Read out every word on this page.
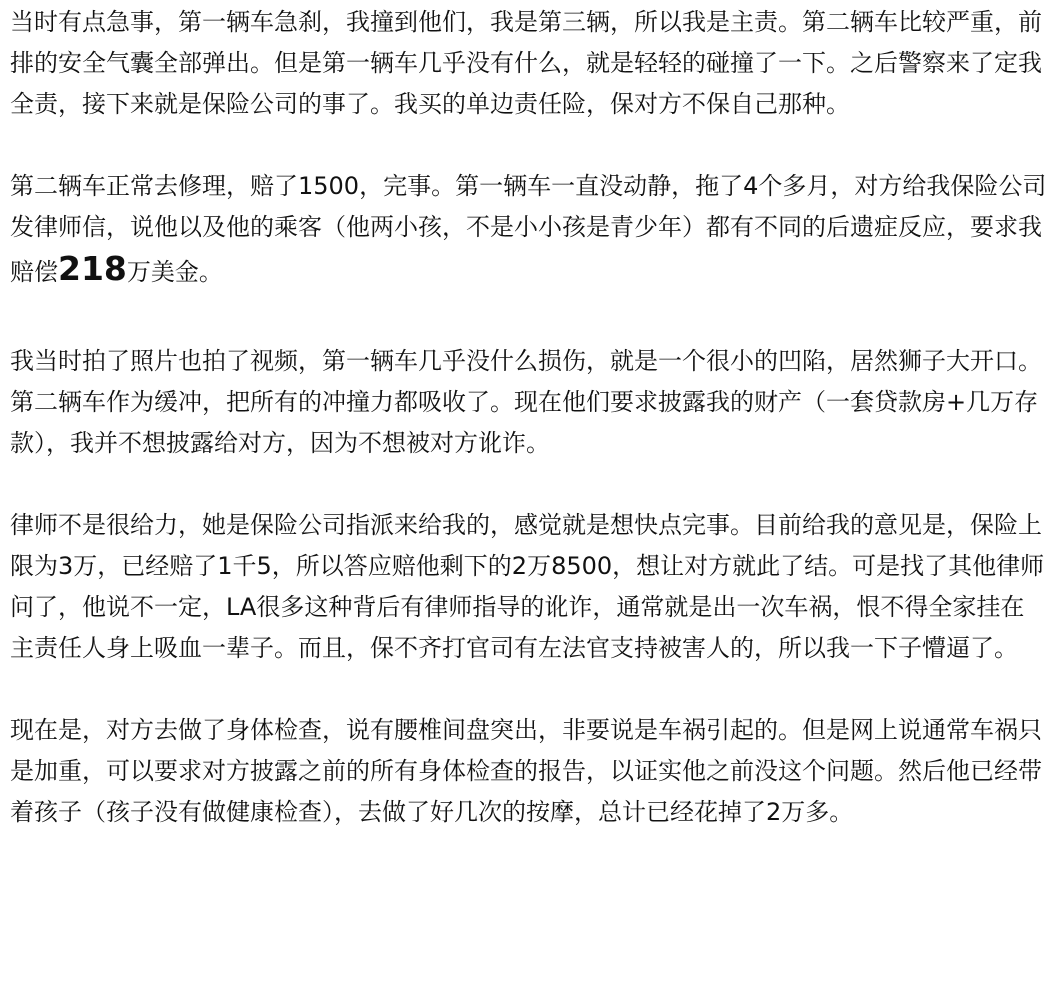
当时有点急事，第一辆车急刹，我撞到他们，我是第三辆，所以我是主责。第二辆车比较严重，前排的安全气囊全部弹出。但是第一辆车几乎没有什么，就是轻轻的碰撞了一下。之后警察来了定我全责，接下来就是保险公司的事了。我买的单边责任险，保对方不保自己那种。

第二辆车正常去修理，赔了1500，完事。第一辆车一直没动静，拖了4个多月，对方给我保险公司发律师信，说他以及他的乘客（他两小孩，不是小小孩是青少年）都有不同的后遗症反应，要求我赔偿218万美金。

我当时拍了照片也拍了视频，第一辆车几乎没什么损伤，就是一个很小的凹陷，居然狮子大开口。第二辆车作为缓冲，把所有的冲撞力都吸收了。现在他们要求披露我的财产（一套贷款房+几万存款），我并不想披露给对方，因为不想被对方讹诈。

律师不是很给力，她是保险公司指派来给我的，感觉就是想快点完事。目前给我的意见是，保险上限为3万，已经赔了1千5，所以答应赔他剩下的2万8500，想让对方就此了结。可是找了其他律师问了，他说不一定，LA很多这种背后有律师指导的讹诈，通常就是出一次车祸，恨不得全家挂在主责任人身上吸血一辈子。而且，保不齐打官司有左法官支持被害人的，所以我一下子懵逼了。

现在是，对方去做了身体检查，说有腰椎间盘突出，非要说是车祸引起的。但是网上说通常车祸只是加重，可以要求对方披露之前的所有身体检查的报告，以证实他之前没这个问题。然后他已经带着孩子（孩子没有做健康检查），去做了好几次的按摩，总计已经花掉了2万多。
